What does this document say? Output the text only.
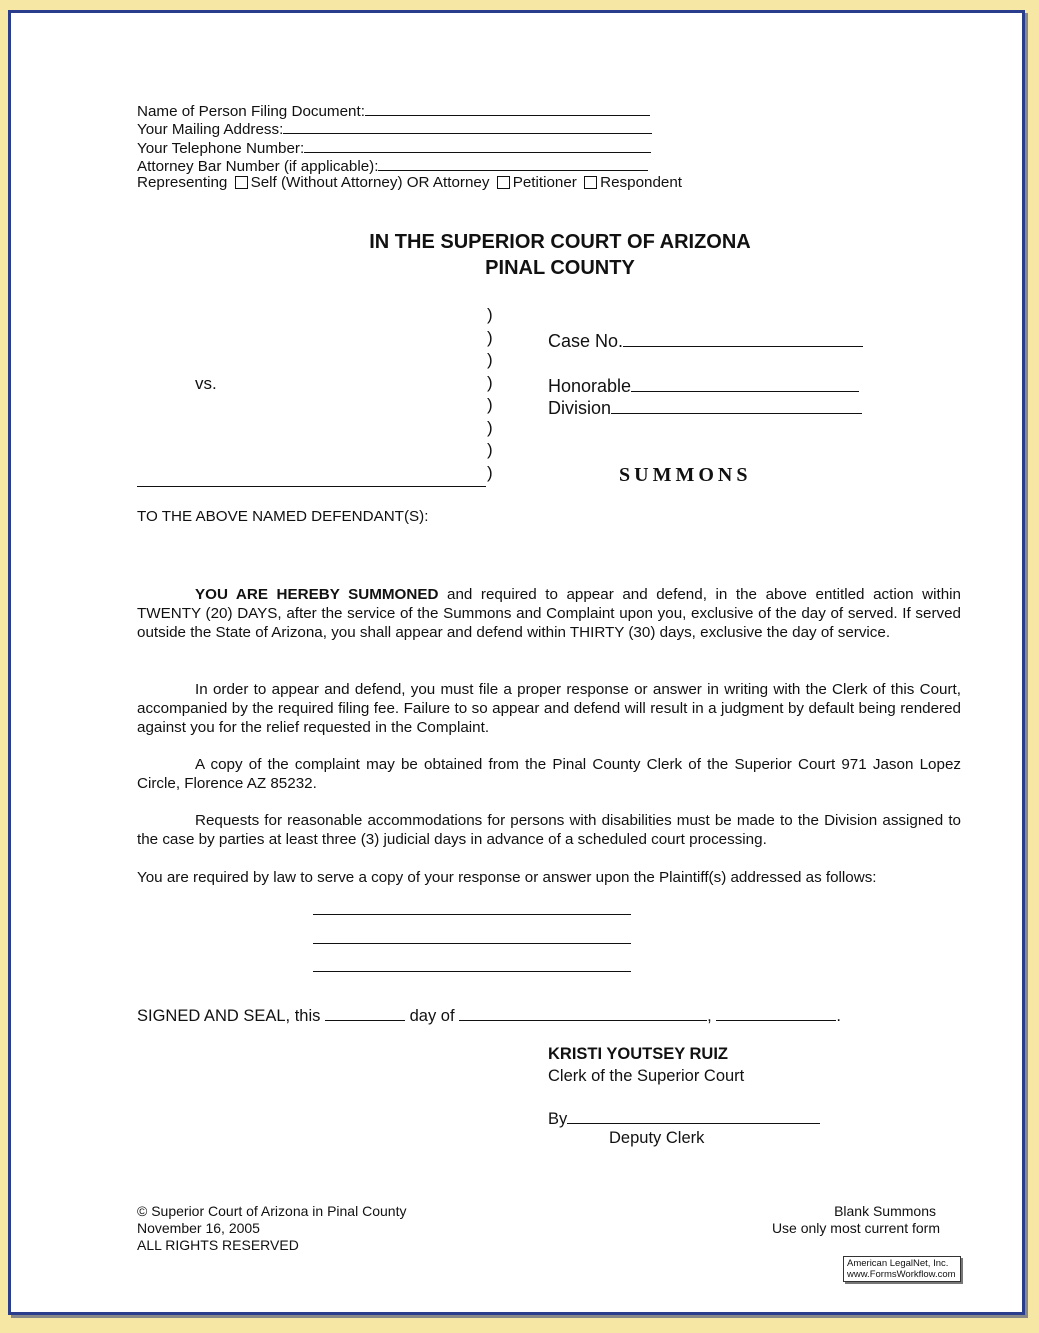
Name of Person Filing Document:
Your Mailing Address:
Your Telephone Number:
Attorney Bar Number (if applicable):
Representing Self (Without Attorney) OR Attorney Petitioner Respondent
IN THE SUPERIOR COURT OF ARIZONA
PINAL COUNTY
)
)
)
)
)
)
)
)
vs.
Case No.
Honorable
Division
SUMMONS
TO THE ABOVE NAMED DEFENDANT(S):
YOU ARE HEREBY SUMMONED and required to appear and defend, in the above entitled action within TWENTY (20) DAYS, after the service of the Summons and Complaint upon you, exclusive of the day of served. If served outside the State of Arizona, you shall appear and defend within THIRTY (30) days, exclusive the day of service.
In order to appear and defend, you must file a proper response or answer in writing with the Clerk of this Court, accompanied by the required filing fee. Failure to so appear and defend will result in a judgment by default being rendered against you for the relief requested in the Complaint.
A copy of the complaint may be obtained from the Pinal County Clerk of the Superior Court 971 Jason Lopez Circle, Florence AZ 85232.
Requests for reasonable accommodations for persons with disabilities must be made to the Division assigned to the case by parties at least three (3) judicial days in advance of a scheduled court processing.
You are required by law to serve a copy of your response or answer upon the Plaintiff(s) addressed as follows:
SIGNED AND SEAL, this	day of	,	.
KRISTI YOUTSEY RUIZ
Clerk of the Superior Court
By
Deputy Clerk
© Superior Court of Arizona in Pinal County
November 16, 2005
ALL RIGHTS RESERVED
Blank Summons
Use only most current form
American LegalNet, Inc.
www.FormsWorkflow.com
